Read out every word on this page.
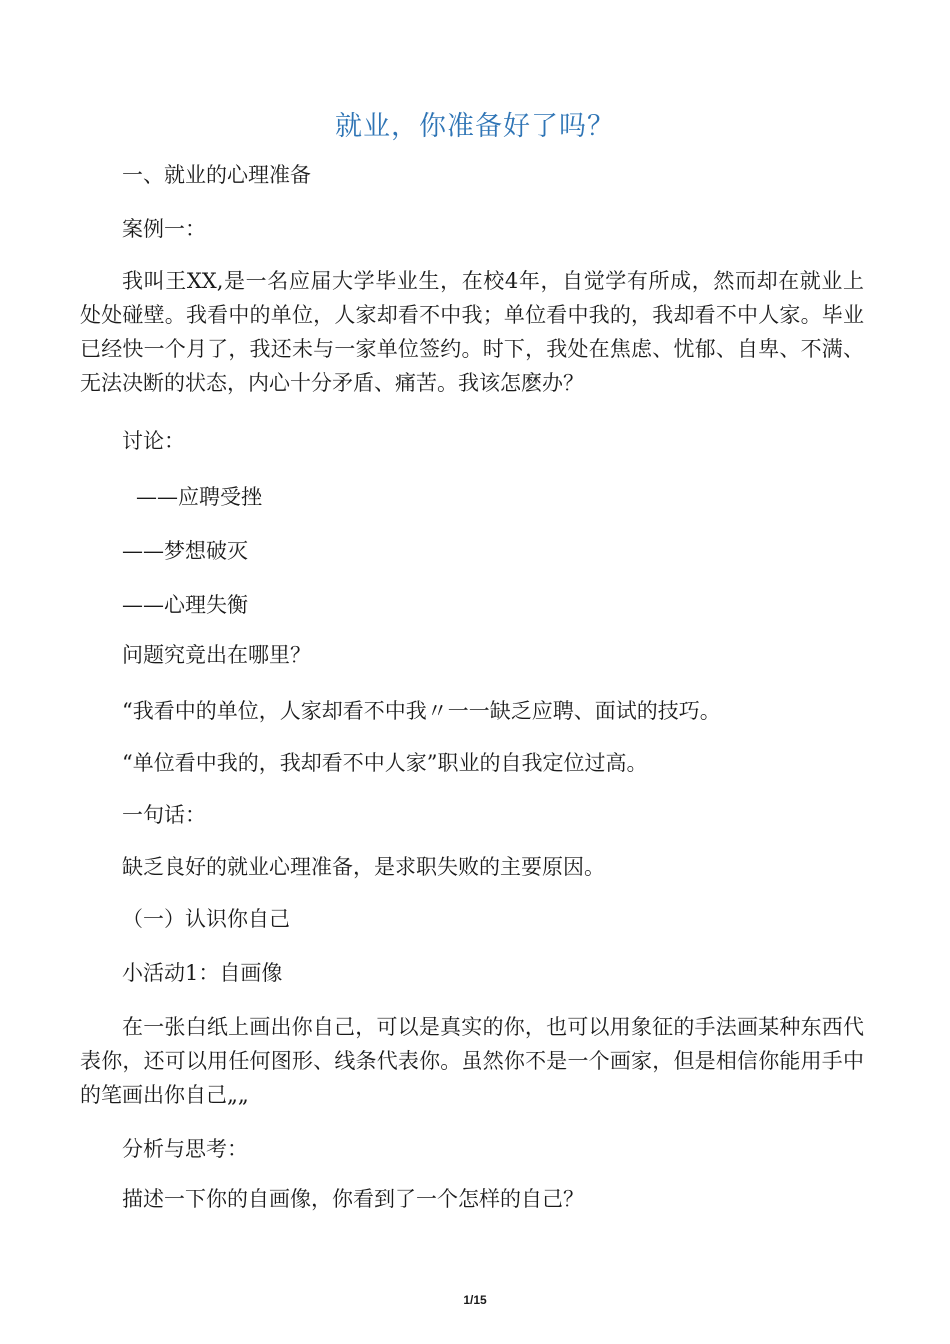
就业，你准备好了吗？

一、就业的心理准备

案例一：

我叫王XX,是一名应届大学毕业生，在校4年，自觉学有所成，然而却在就业上处处碰壁。我看中的单位，人家却看不中我；单位看中我的，我却看不中人家。毕业已经快一个月了，我还未与一家单位签约。时下，我处在焦虑、忧郁、自卑、不满、无法决断的状态，内心十分矛盾、痛苦。我该怎麽办？

讨论：

——应聘受挫

——梦想破灭

——心理失衡

问题究竟出在哪里？

“我看中的单位，人家却看不中我〃一一缺乏应聘、面试的技巧。

“单位看中我的，我却看不中人家”职业的自我定位过高。

一句话：

缺乏良好的就业心理准备，是求职失败的主要原因。

（一）认识你自己

小活动1：自画像

在一张白纸上画出你自己，可以是真实的你，也可以用象征的手法画某种东西代表你，还可以用任何图形、线条代表你。虽然你不是一个画家，但是相信你能用手中的笔画出你自己„„

分析与思考：

描述一下你的自画像，你看到了一个怎样的自己？

1/15
